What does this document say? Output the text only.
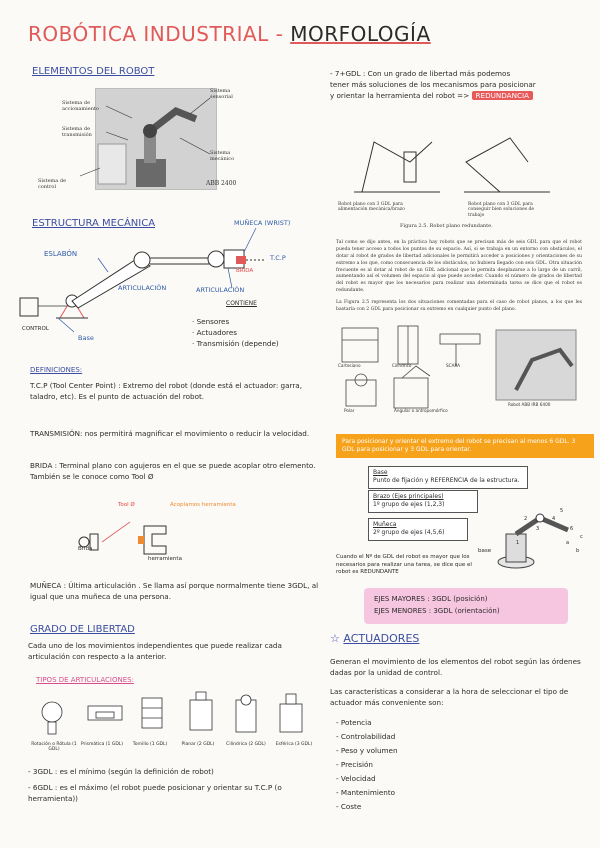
ROBÓTICA INDUSTRIAL - MORFOLOGÍA
ELEMENTOS DEL ROBOT
Sistema de accionamiento
Sistema de transmisión
Sistema de control
Sistema sensorial
Sistema mecánico
ABB 2400
ESTRUCTURA MECÁNICA
ESLABÓN
ARTICULACIÓN	ARTICULACIÓN
MUÑECA (WRIST)
T.C.P
BRIDA
CONTROL
Base
CONTIENE
· Sensores
· Actuadores
· Transmisión (depende)
DEFINICIONES:
T.C.P (Tool Center Point) : Extremo del robot (donde está el actuador: garra, taladro, etc). Es el punto de actuación del robot.
TRANSMISIÓN: nos permitirá magnificar el movimiento o reducir la velocidad.
BRIDA : Terminal plano con agujeros en el que se puede acoplar otro elemento. También se le conoce como Tool Ø
Tool Ø	Acoplamos herramienta
Brida
herramienta
MUÑECA : Última articulación . Se llama así porque normalmente tiene 3GDL, al igual que una muñeca de una persona.
GRADO DE LIBERTAD
Cada uno de los movimientos independientes que puede realizar cada articulación con respecto a la anterior.
TIPOS DE ARTICULACIONES:
Rotación o Rótula (1 GDL)
Prismática (1 GDL)	Tornillo (1 GDL)	Planar (2 GDL)	Cilíndrica (2 GDL)	Esférica (3 GDL)
- 3GDL : es el mínimo (según la definición de robot)
- 6GDL : es el máximo (el robot puede posicionar y orientar su T.C.P (o herramienta))
- 7+GDL : Con un grado de libertad más podemos
tener más soluciones de los mecanismos para posicionar
y orientar la herramienta del robot => REDUNDANCIA
Robot plano con 3 GDL para alimentación mecánica/brazo
Robot plano con 3 GDL para conseguir bien soluciones de trabajo
Figura 2.5. Robot plano redundante.
Tal como se dijo antes, en la práctica hay robots que se precisan más de seis GDL para que el robot pueda tener acceso a todos los puntos de su espacio. Así, si se trabaja en un entorno con obstáculos, el dotar al robot de grados de libertad adicionales le permitirá acceder a posiciones y orientaciones de su extremo a los que, como consecuencia de los obstáculos, no hubiera llegado con seis GDL. Otra situación frecuente es al dotar al robot de un GDL adicional que le permita desplazarse a lo largo de un carril, aumentando así el volumen del espacio al que puede acceder. Cuando el número de grados de libertad del robot es mayor que los necesarios para realizar una determinada tarea se dice que el robot es redundante.
La Figura 2.5 representa los dos situaciones comentadas para el caso de robot planos, a los que les bastaría con 2 GDL para posicionar su extremo en cualquier punto del plano.
Cartesiano	Cilíndrico	SCARA
Polar	Angular o antropomórfico
Robot ABB IRB 6400
Para posicionar y orientar el extremo del robot se precisan al menos 6 GDL. 3 GDL para posicionar y 3 GDL para orientar.
Base
Punto de fijación y REFERENCIA de la estructura.
Brazo (Ejes principales)
1º grupo de ejes (1,2,3)
Muñeca
2º grupo de ejes (4,5,6)
base
1
2
3
4
5
6
a
b
c
Cuando el Nº de GDL del robot es mayor que los necesarios para realizar una tarea, se dice que el robot es REDUNDANTE
EJES MAYORES : 3GDL (posición)
EJES MENORES : 3GDL (orientación)
☆ ACTUADORES
Generan el movimiento de los elementos del robot según las órdenes dadas por la unidad de control.
Las características a considerar a la hora de seleccionar el tipo de actuador más conveniente son:
- Potencia
- Controlabilidad
- Peso y volumen
- Precisión
- Velocidad
- Mantenimiento
- Coste
